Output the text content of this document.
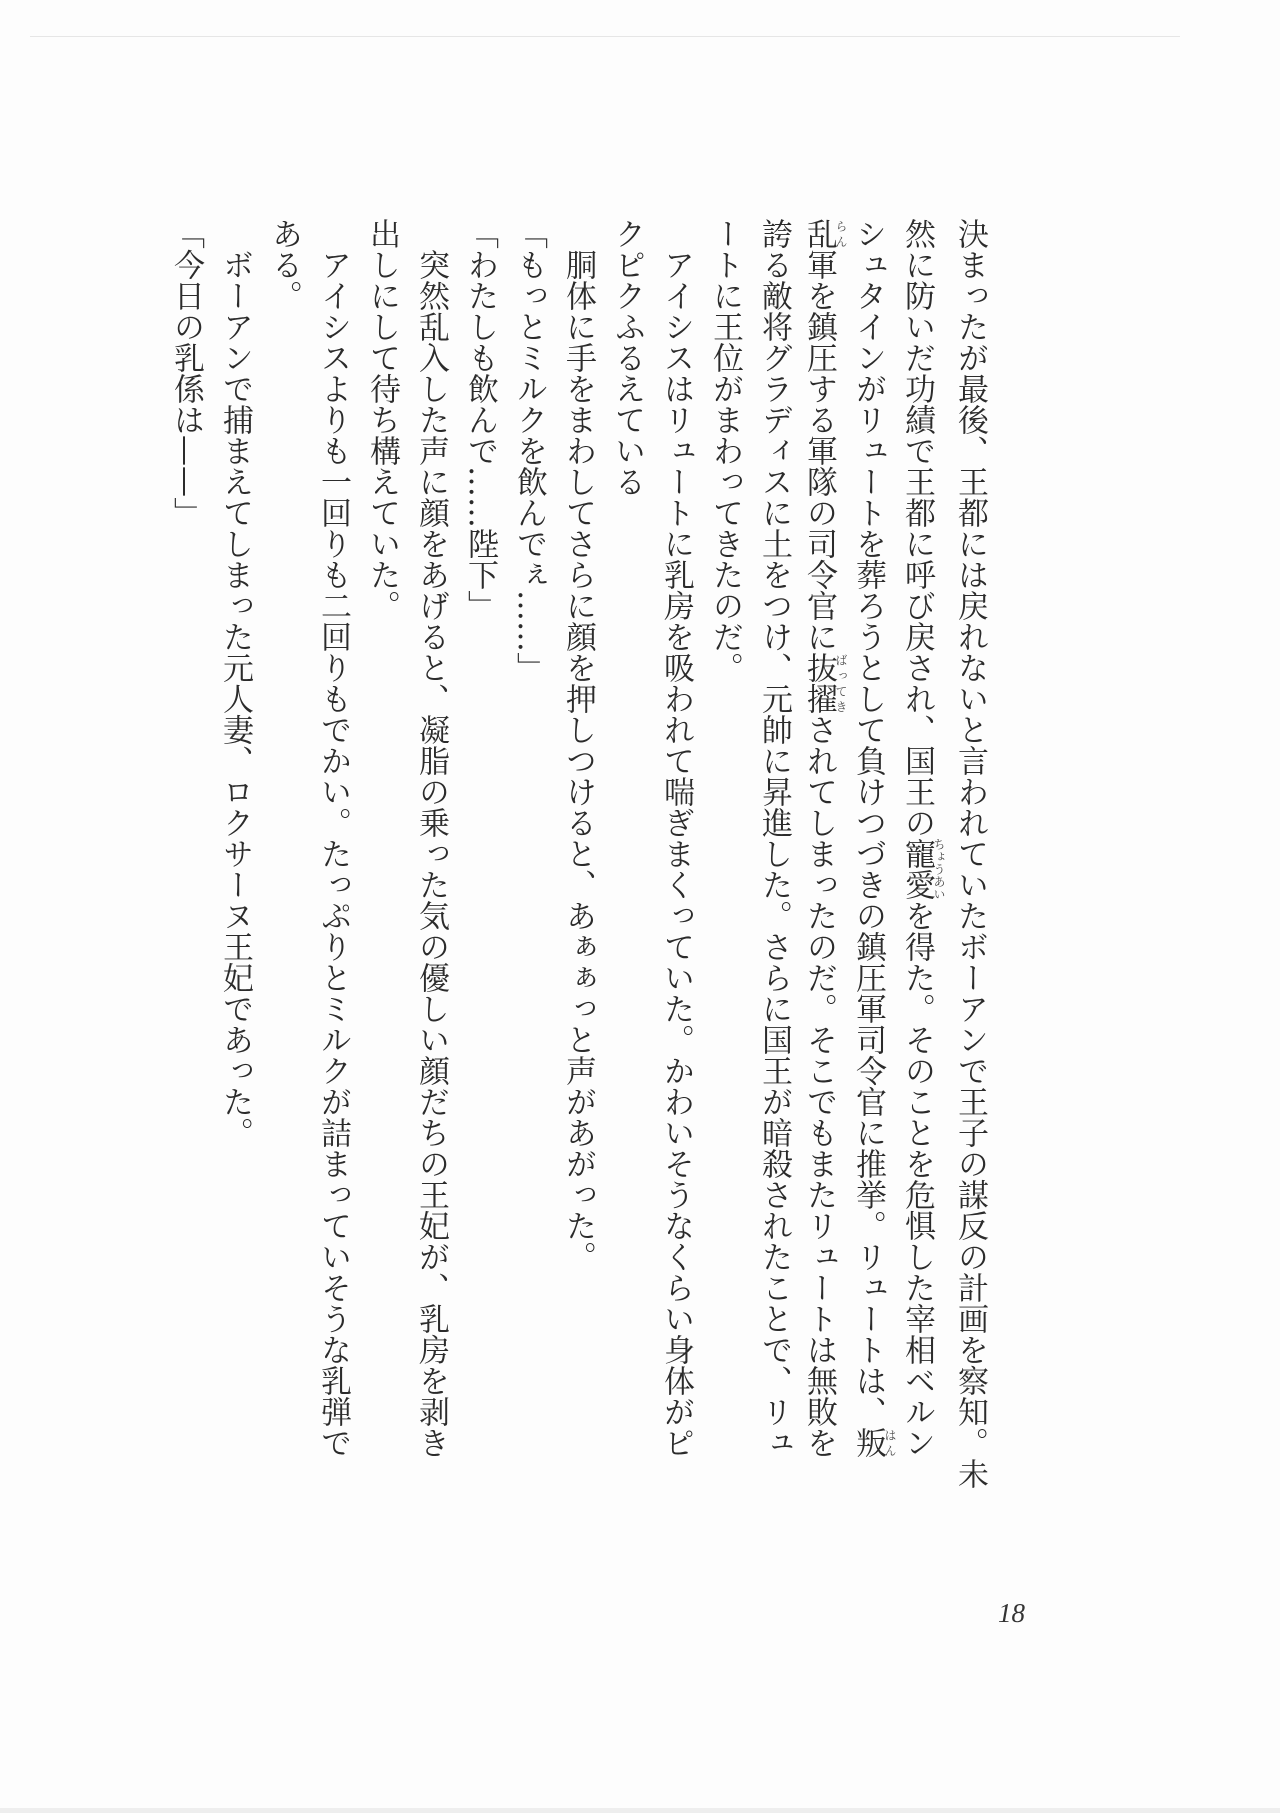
決まったが最後、王都には戻れないと言われていたボーアンで王子の謀反の計画を察知。未
然に防いだ功績で王都に呼び戻され、国王の寵愛ちょうあいを得た。そのことを危惧した宰相ベルン
シュタインがリュートを葬ろうとして負けつづきの鎮圧軍司令官に推挙。リュートは、叛はん
乱らん軍を鎮圧する軍隊の司令官に抜擢ばってきされてしまったのだ。そこでもまたリュートは無敗を
誇る敵将グラディスに土をつけ、元帥に昇進した。さらに国王が暗殺されたことで、リュ
ートに王位がまわってきたのだ。
　アイシスはリュートに乳房を吸われて喘ぎまくっていた。かわいそうなくらい身体がピ
クピクふるえている
　胴体に手をまわしてさらに顔を押しつけると、あぁぁっと声があがった。
「もっとミルクを飲んでぇ……」
「わたしも飲んで……陛下」
　突然乱入した声に顔をあげると、凝脂の乗った気の優しい顔だちの王妃が、乳房を剥き
出しにして待ち構えていた。
　アイシスよりも一回りも二回りもでかい。たっぷりとミルクが詰まっていそうな乳弾で
ある。
　ボーアンで捕まえてしまった元人妻、ロクサーヌ王妃であった。
「今日の乳係は——」
18
